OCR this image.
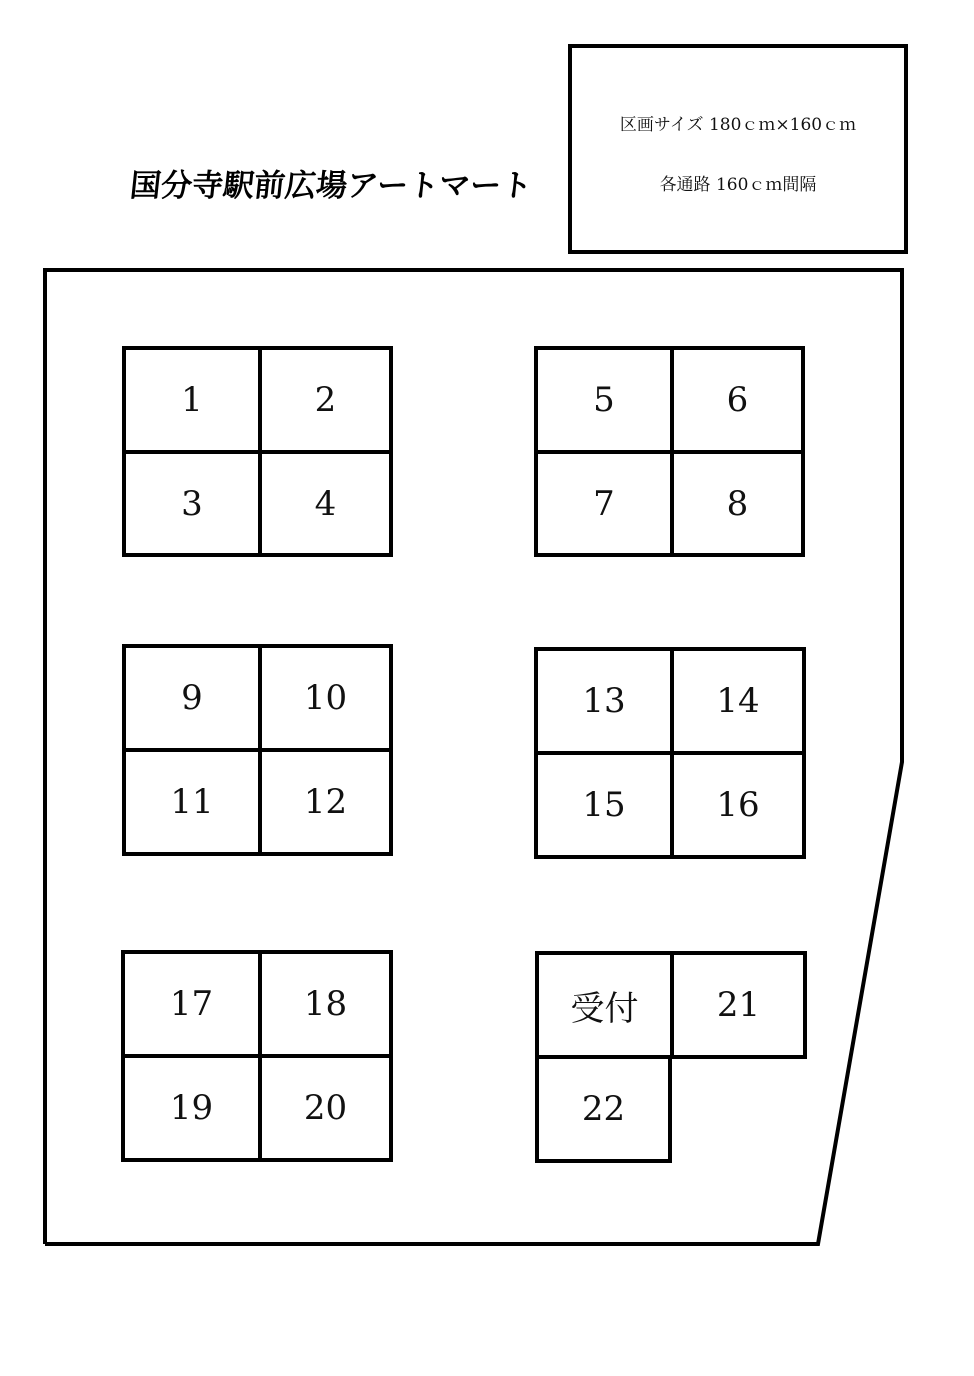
国分寺駅前広場アートマート
区画サイズ 180ｃｍ×160ｃｍ
各通路 160ｃｍ間隔
1	2
3	4
5	6
7	8
9	10
11	12
13	14
15	16
17	18
19	20
受付	21
22
